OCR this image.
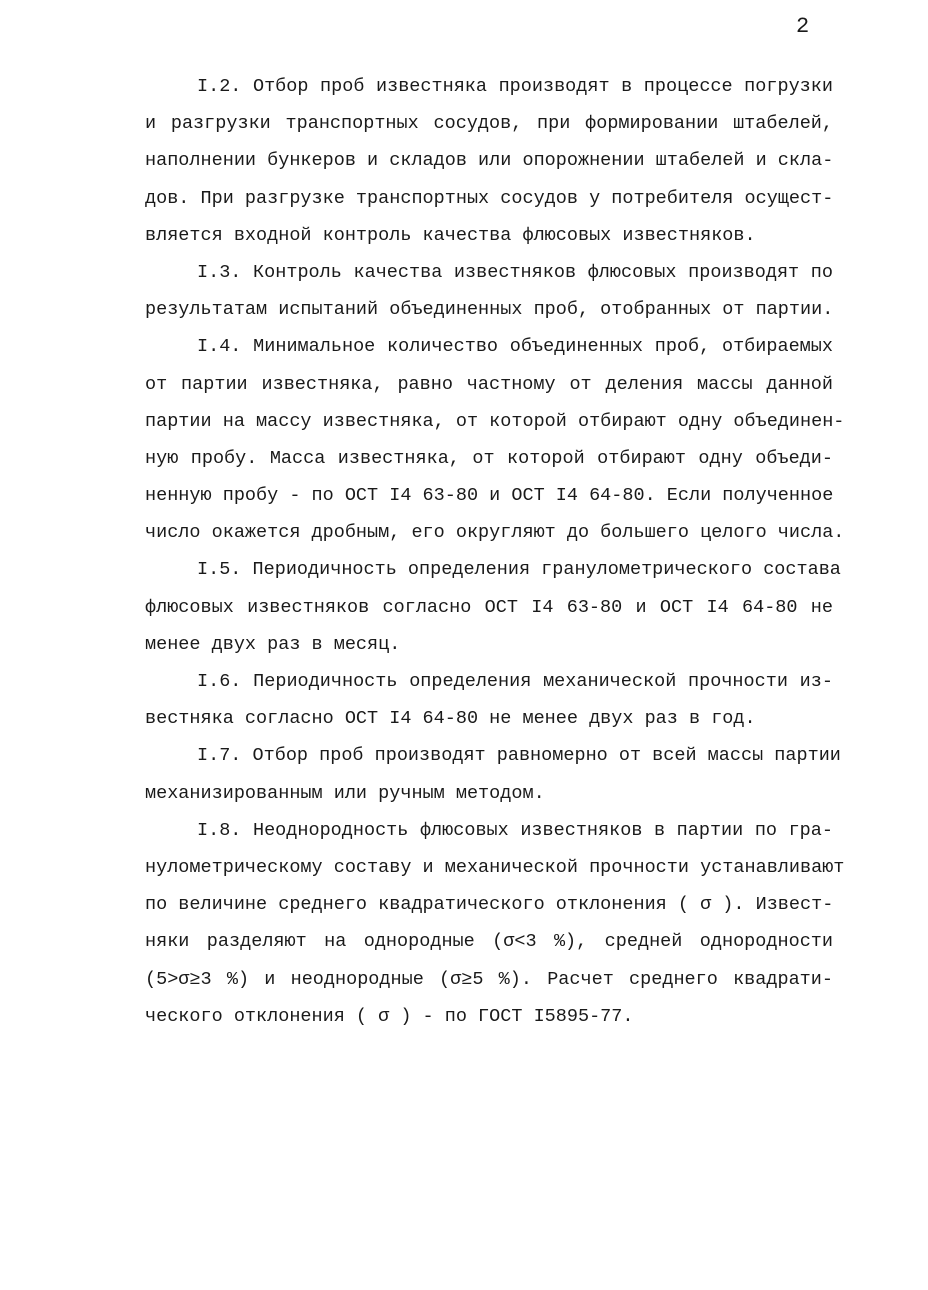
2
I.2. Отбор проб известняка производят в процессе погрузки
и разгрузки транспортных сосудов, при формировании штабелей,
наполнении бункеров и складов или опорожнении штабелей и скла-
дов. При разгрузке транспортных сосудов у потребителя осущест-
вляется входной контроль качества флюсовых известняков.
I.3. Контроль качества известняков флюсовых производят по
результатам испытаний объединенных проб, отобранных от партии.
I.4. Минимальное количество объединенных проб, отбираемых
от партии известняка, равно частному от деления массы данной
партии на массу известняка, от которой отбирают одну объединен-
ную пробу. Масса известняка, от которой отбирают одну объеди-
ненную пробу - по ОСТ I4 63-80 и ОСТ I4 64-80. Если полученное
число окажется дробным, его округляют до большего целого числа.
I.5. Периодичность определения гранулометрического состава
флюсовых известняков согласно ОСТ I4 63-80 и ОСТ I4 64-80 не
менее двух раз в месяц.
I.6. Периодичность определения механической прочности из-
вестняка согласно ОСТ I4 64-80 не менее двух раз в год.
I.7. Отбор проб производят равномерно от всей массы партии
механизированным или ручным методом.
I.8. Неоднородность флюсовых известняков в партии по гра-
нулометрическому составу и механической прочности устанавливают
по величине среднего квадратического отклонения ( σ ). Извест-
няки разделяют на однородные (σ<3 %), средней однородности
(5>σ≥3 %) и неоднородные (σ≥5 %). Расчет среднего квадрати-
ческого отклонения ( σ ) - по ГОСТ I5895-77.
